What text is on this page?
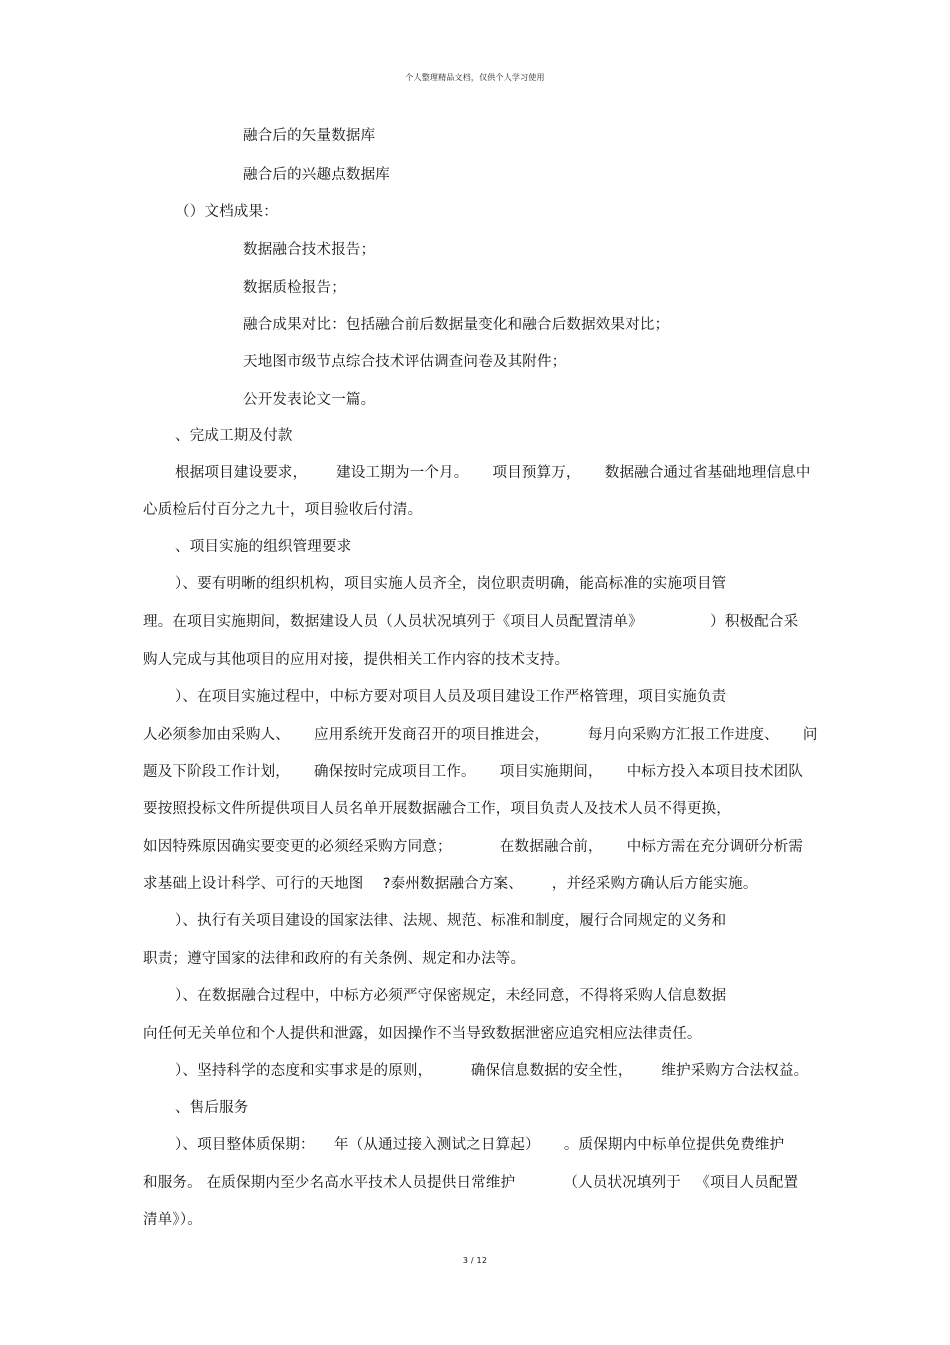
个人整理精品文档，仅供个人学习使用
融合后的矢量数据库
融合后的兴趣点数据库
（）文档成果：
数据融合技术报告；
数据质检报告；
融合成果对比：包括融合前后数据量变化和融合后数据效果对比；
天地图市级节点综合技术评估调查问卷及其附件；
公开发表论文一篇。
、完成工期及付款
根据项目建设要求，      建设工期为一个月。     项目预算万，     数据融合通过省基础地理信息中
心质检后付百分之九十，项目验收后付清。
、项目实施的组织管理要求
）、要有明晰的组织机构，项目实施人员齐全，岗位职责明确，能高标准的实施项目管
理。在项目实施期间，数据建设人员（人员状况填列于《项目人员配置清单》              ）积极配合采
购人完成与其他项目的应用对接，提供相关工作内容的技术支持。
）、在项目实施过程中，中标方要对项目人员及项目建设工作严格管理，项目实施负责
人必须参加由采购人、     应用系统开发商召开的项目推进会，        每月向采购方汇报工作进度、     问
题及下阶段工作计划，     确保按时完成项目工作。     项目实施期间，     中标方投入本项目技术团队
要按照投标文件所提供项目人员名单开展数据融合工作，项目负责人及技术人员不得更换，
如因特殊原因确实要变更的必须经采购方同意；          在数据融合前，     中标方需在充分调研分析需
求基础上设计科学、可行的天地图    ?泰州数据融合方案、      ，并经采购方确认后方能实施。
）、执行有关项目建设的国家法律、法规、规范、标准和制度，履行合同规定的义务和
职责；遵守国家的法律和政府的有关条例、规定和办法等。
）、在数据融合过程中，中标方必须严守保密规定，未经同意，不得将采购人信息数据
向任何无关单位和个人提供和泄露，如因操作不当导致数据泄密应追究相应法律责任。
）、坚持科学的态度和实事求是的原则，        确保信息数据的安全性，      维护采购方合法权益。
、售后服务
）、项目整体质保期：    年（从通过接入测试之日算起）     。质保期内中标单位提供免费维护
和服务。 在质保期内至少名高水平技术人员提供日常维护          （人员状况填列于   《项目人员配置
清单》）。
3 / 12
